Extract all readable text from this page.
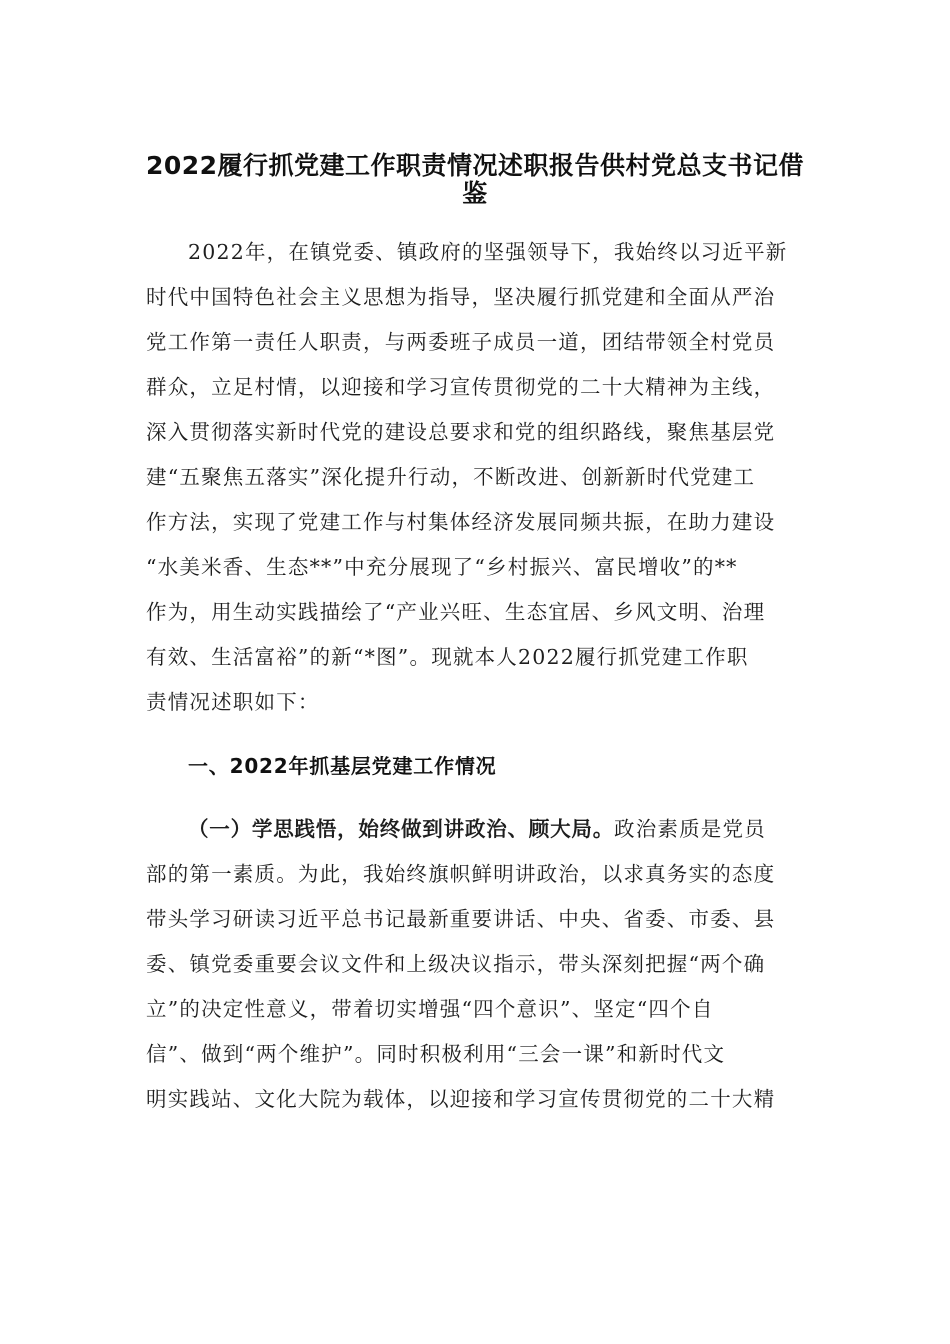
2022履行抓党建工作职责情况述职报告供村党总支书记借
鉴
2022年，在镇党委、镇政府的坚强领导下，我始终以习近平新
时代中国特色社会主义思想为指导，坚决履行抓党建和全面从严治
党工作第一责任人职责，与两委班子成员一道，团结带领全村党员
群众，立足村情，以迎接和学习宣传贯彻党的二十大精神为主线，
深入贯彻落实新时代党的建设总要求和党的组织路线，聚焦基层党
建“五聚焦五落实”深化提升行动，不断改进、创新新时代党建工
作方法，实现了党建工作与村集体经济发展同频共振，在助力建设
“水美米香、生态**”中充分展现了“乡村振兴、富民增收”的**
作为，用生动实践描绘了“产业兴旺、生态宜居、乡风文明、治理
有效、生活富裕”的新“*图”。现就本人2022履行抓党建工作职
责情况述职如下：
一、2022年抓基层党建工作情况
（一）学思践悟，始终做到讲政治、顾大局。政治素质是党员
部的第一素质。为此，我始终旗帜鲜明讲政治，以求真务实的态度
带头学习研读习近平总书记最新重要讲话、中央、省委、市委、县
委、镇党委重要会议文件和上级决议指示，带头深刻把握“两个确
立”的决定性意义，带着切实增强“四个意识”、坚定“四个自
信”、做到“两个维护”。同时积极利用“三会一课”和新时代文
明实践站、文化大院为载体，以迎接和学习宣传贯彻党的二十大精
